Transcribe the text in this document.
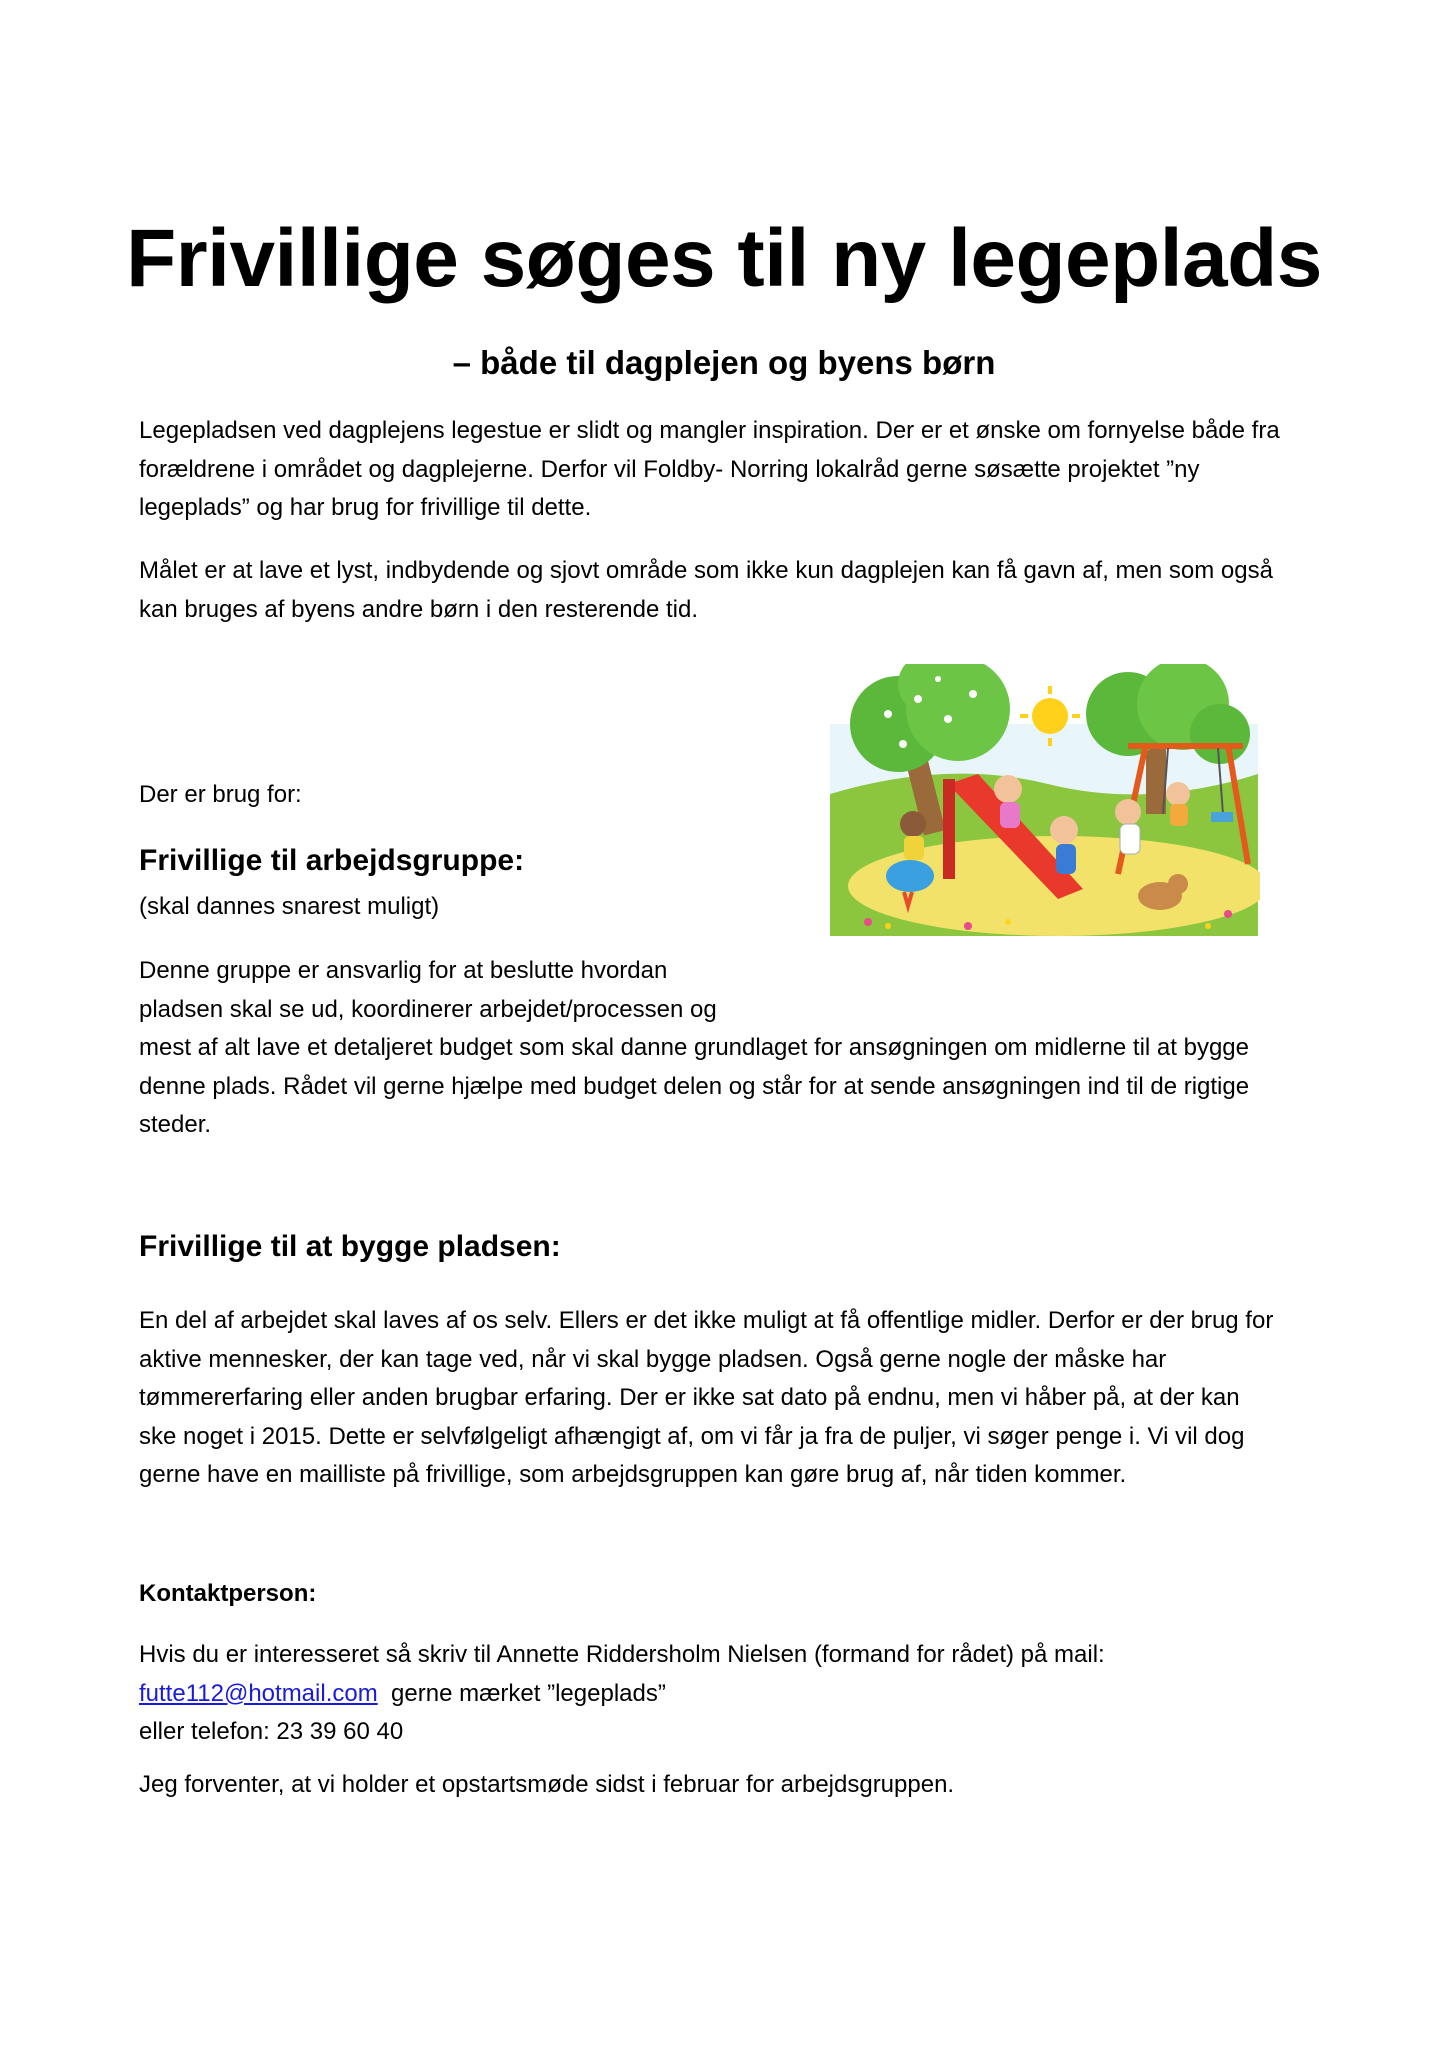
Frivillige søges til ny legeplads
– både til dagplejen og byens børn
Legepladsen ved dagplejens legestue er slidt og mangler inspiration. Der er et ønske om fornyelse både fra
forældrene i området og dagplejerne. Derfor vil Foldby- Norring lokalråd gerne søsætte projektet ”ny
legeplads” og har brug for frivillige til dette.
Målet er at lave et lyst, indbydende og sjovt område som ikke kun dagplejen kan få gavn af, men som også
kan bruges af byens andre børn i den resterende tid.
Der er brug for:
Frivillige til arbejdsgruppe:
(skal dannes snarest muligt)
Denne gruppe er ansvarlig for at beslutte hvordan
pladsen skal se ud, koordinerer arbejdet/processen og
mest af alt lave et detaljeret budget som skal danne grundlaget for ansøgningen om midlerne til at bygge
denne plads. Rådet vil gerne hjælpe med budget delen og står for at sende ansøgningen ind til de rigtige
steder.
Frivillige til at bygge pladsen:
En del af arbejdet skal laves af os selv. Ellers er det ikke muligt at få offentlige midler. Derfor er der brug for
aktive mennesker, der kan tage ved, når vi skal bygge pladsen. Også gerne nogle der måske har
tømmererfaring eller anden brugbar erfaring. Der er ikke sat dato på endnu, men vi håber på, at der kan
ske noget i 2015. Dette er selvfølgeligt afhængigt af, om vi får ja fra de puljer, vi søger penge i. Vi vil dog
gerne have en mailliste på frivillige, som arbejdsgruppen kan gøre brug af, når tiden kommer.
Kontaktperson:
Hvis du er interesseret så skriv til Annette Riddersholm Nielsen (formand for rådet) på mail:
futte112@hotmail.com  gerne mærket ”legeplads”
eller telefon: 23 39 60 40
Jeg forventer, at vi holder et opstartsmøde sidst i februar for arbejdsgruppen.
